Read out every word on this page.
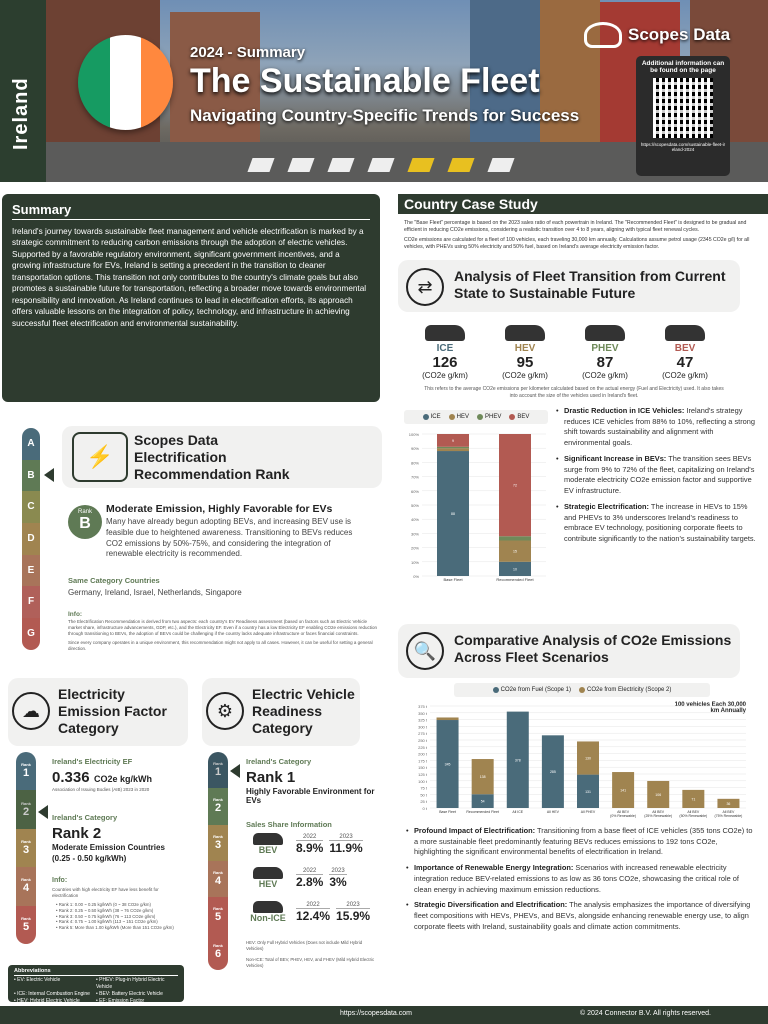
Ireland
2024 - Summary
The Sustainable Fleet
Navigating Country-Specific Trends for Success
Scopes Data
Additional information can be found on the page
https://scopesdata.com/sustainable-fleet-ireland-2024
Summary

Ireland's journey towards sustainable fleet management and vehicle electrification is marked by a strategic commitment to reducing carbon emissions through the adoption of electric vehicles. Supported by a favorable regulatory environment, significant government incentives, and a growing infrastructure for EVs, Ireland is setting a precedent in the transition to cleaner transportation options. This transition not only contributes to the country's climate goals but also promotes a sustainable future for transportation, reflecting a broader move towards environmental responsibility and innovation. As Ireland continues to lead in electrification efforts, its approach offers valuable lessons on the integration of policy, technology, and infrastructure in achieving successful fleet electrification and environmental sustainability.

Country Case Study

The "Base Fleet" percentage is based on the 2023 sales ratio of each powertrain in Ireland. The "Recommended Fleet" is designed to be gradual and efficient in reducing CO2e emissions, considering a realistic transition over 4 to 8 years, aligning with typical fleet renewal cycles.

CO2e emissions are calculated for a fleet of 100 vehicles, each traveling 30,000 km annually. Calculations assume petrol usage (2345 CO2e g/l) for all vehicles, with PHEVs using 50% electricity and 50% fuel, based on Ireland's average electricity emission factor.

⇄
Analysis of Fleet Transition from Current State to Sustainable Future
ICE
126
(CO2e g/km)
HEV
95
(CO2e g/km)
PHEV
87
(CO2e g/km)
BEV
47
(CO2e g/km)
This refers to the average CO2e emissions per kilometer calculated based on the actual energy (Fuel and Electricity) used. It also takes into account the size of the vehicles used in Ireland's fleet.
ICE	HEV	PHEV	BEV
0%
10%
20%
30%
40%
50%
60%
70%
80%
90%
100%
88
9
Base Fleet
10
15
72
Recommended Fleet
• Drastic Reduction in ICE Vehicles: Ireland's strategy reduces ICE vehicles from 88% to 10%, reflecting a strong shift towards sustainability and alignment with environmental goals.
• Significant Increase in BEVs: The transition sees BEVs surge from 9% to 72% of the fleet, capitalizing on Ireland's moderate electricity CO2e emission factor and supportive EV infrastructure.
• Strategic Electrification: The increase in HEVs to 15% and PHEVs to 3% underscores Ireland's readiness to embrace EV technology, positioning corporate fleets to contribute significantly to the nation's sustainability targets.
A
B
C
D
E
F
G
⚡
Scopes Data Electrification Recommendation Rank
Rank
B
Moderate Emission, Highly Favorable for EVs
Many have already begun adopting BEVs, and increasing BEV use is feasible due to heightened awareness. Transitioning to BEVs reduces CO2 emissions by 50%-75%, and considering the integration of renewable electricity is recommended.
Same Category Countries
Germany, Ireland, Israel, Netherlands, Singapore
Info:

The Electrification Recommendation is derived from two aspects: each country's EV Readiness assessment (based on factors such as Electric Vehicle market share, infrastructure advancements, GDP, etc.), and the Electricity EF. Even if a country has a low Electricity EF enabling CO2e emissions reduction through transitioning to BEVs, the adoption of BEVs could be challenging if the country lacks adequate infrastructure or faces financial constraints.

Since every company operates in a unique environment, this recommendation might not apply to all cases. However, it can be useful for setting a general direction.

☁
Electricity Emission Factor Category
Rank
1
Rank
2
Rank
3
Rank
4
Rank
5
Ireland's Electricity EF
0.336 CO2e kg/kWh
Association of Issuing Bodies (AIB) 2023 in 2020
Ireland's Category
Rank 2
Moderate Emission Countries
(0.25 - 0.50 kg/kWh)
Info:
Countries with high electricity EF have less benefit for electrification
• Rank 1: 0.00 ~ 0.25 kg/kWh (0 ~ 38 CO2e g/km)
• Rank 2: 0.25 ~ 0.50 kg/kWh (38 ~ 76 CO2e g/km)
• Rank 3: 0.50 ~ 0.75 kg/kWh (76 ~ 113 CO2e g/km)
• Rank 4: 0.75 ~ 1.00 kg/kWh (113 ~ 151 CO2e g/km)
• Rank 5: More than 1.00 kg/kWh (More than 151 CO2e g/km)
⚙
Electric Vehicle Readiness Category
Rank
1
Rank
2
Rank
3
Rank
4
Rank
5
Rank
6
Ireland's Category
Rank 1
Highly Favorable Environment for EVs
Sales Share Information
BEV
2022
8.9%
2023
11.9%
HEV
2022
2.8%
2023
3%
Non-ICE
2022
12.4%
2023
15.9%
HEV: Only Full Hybrid Vehicles (Does not include Mild Hybrid Vehicles)
Non-ICE: Total of BEV, PHEV, HEV, and FHEV (Mild Hybrid Electric Vehicles)
🔍
Comparative Analysis of CO2e Emissions Across Fleet Scenarios
CO2e from Fuel (Scope 1)	CO2e from Electricity (Scope 2)
100 vehicles Each 30,000 km Annually
0 t
25 t
50 t
75 t
100 t
125 t
150 t
175 t
200 t
225 t
250 t
275 t
300 t
325 t
350 t
375 t
345
Base Fleet
54
138
Recommended Fleet
378
All ICE
285
All HEV
131
130
All PHEV
141
All BEV (0% Renewable)
106
All BEV (25% Renewable)
71
All BEV (50% Renewable)
36
All BEV (75% Renewable)
• Profound Impact of Electrification: Transitioning from a base fleet of ICE vehicles (355 tons CO2e) to a more sustainable fleet predominantly featuring BEVs reduces emissions to 192 tons CO2e, highlighting the significant environmental benefits of electrification in Ireland.
• Importance of Renewable Energy Integration: Scenarios with increased renewable electricity integration reduce BEV-related emissions to as low as 36 tons CO2e, showcasing the critical role of clean energy in achieving maximum emission reductions.
• Strategic Diversification and Electrification: The analysis emphasizes the importance of diversifying fleet compositions with HEVs, PHEVs, and BEVs, alongside enhancing renewable energy use, to align corporate fleets with Ireland, sustainability goals and climate action commitments.
Abbreviations
• EV: Electric Vehicle	• PHEV: Plug-in Hybrid Electric Vehicle
• ICE: Internal Combustion Engine	• BEV: Battery Electric Vehicle
• HEV: Hybrid Electric Vehicle	• EF: Emission Factor
https://scopesdata.com	© 2024 Connector B.V. All rights reserved.
